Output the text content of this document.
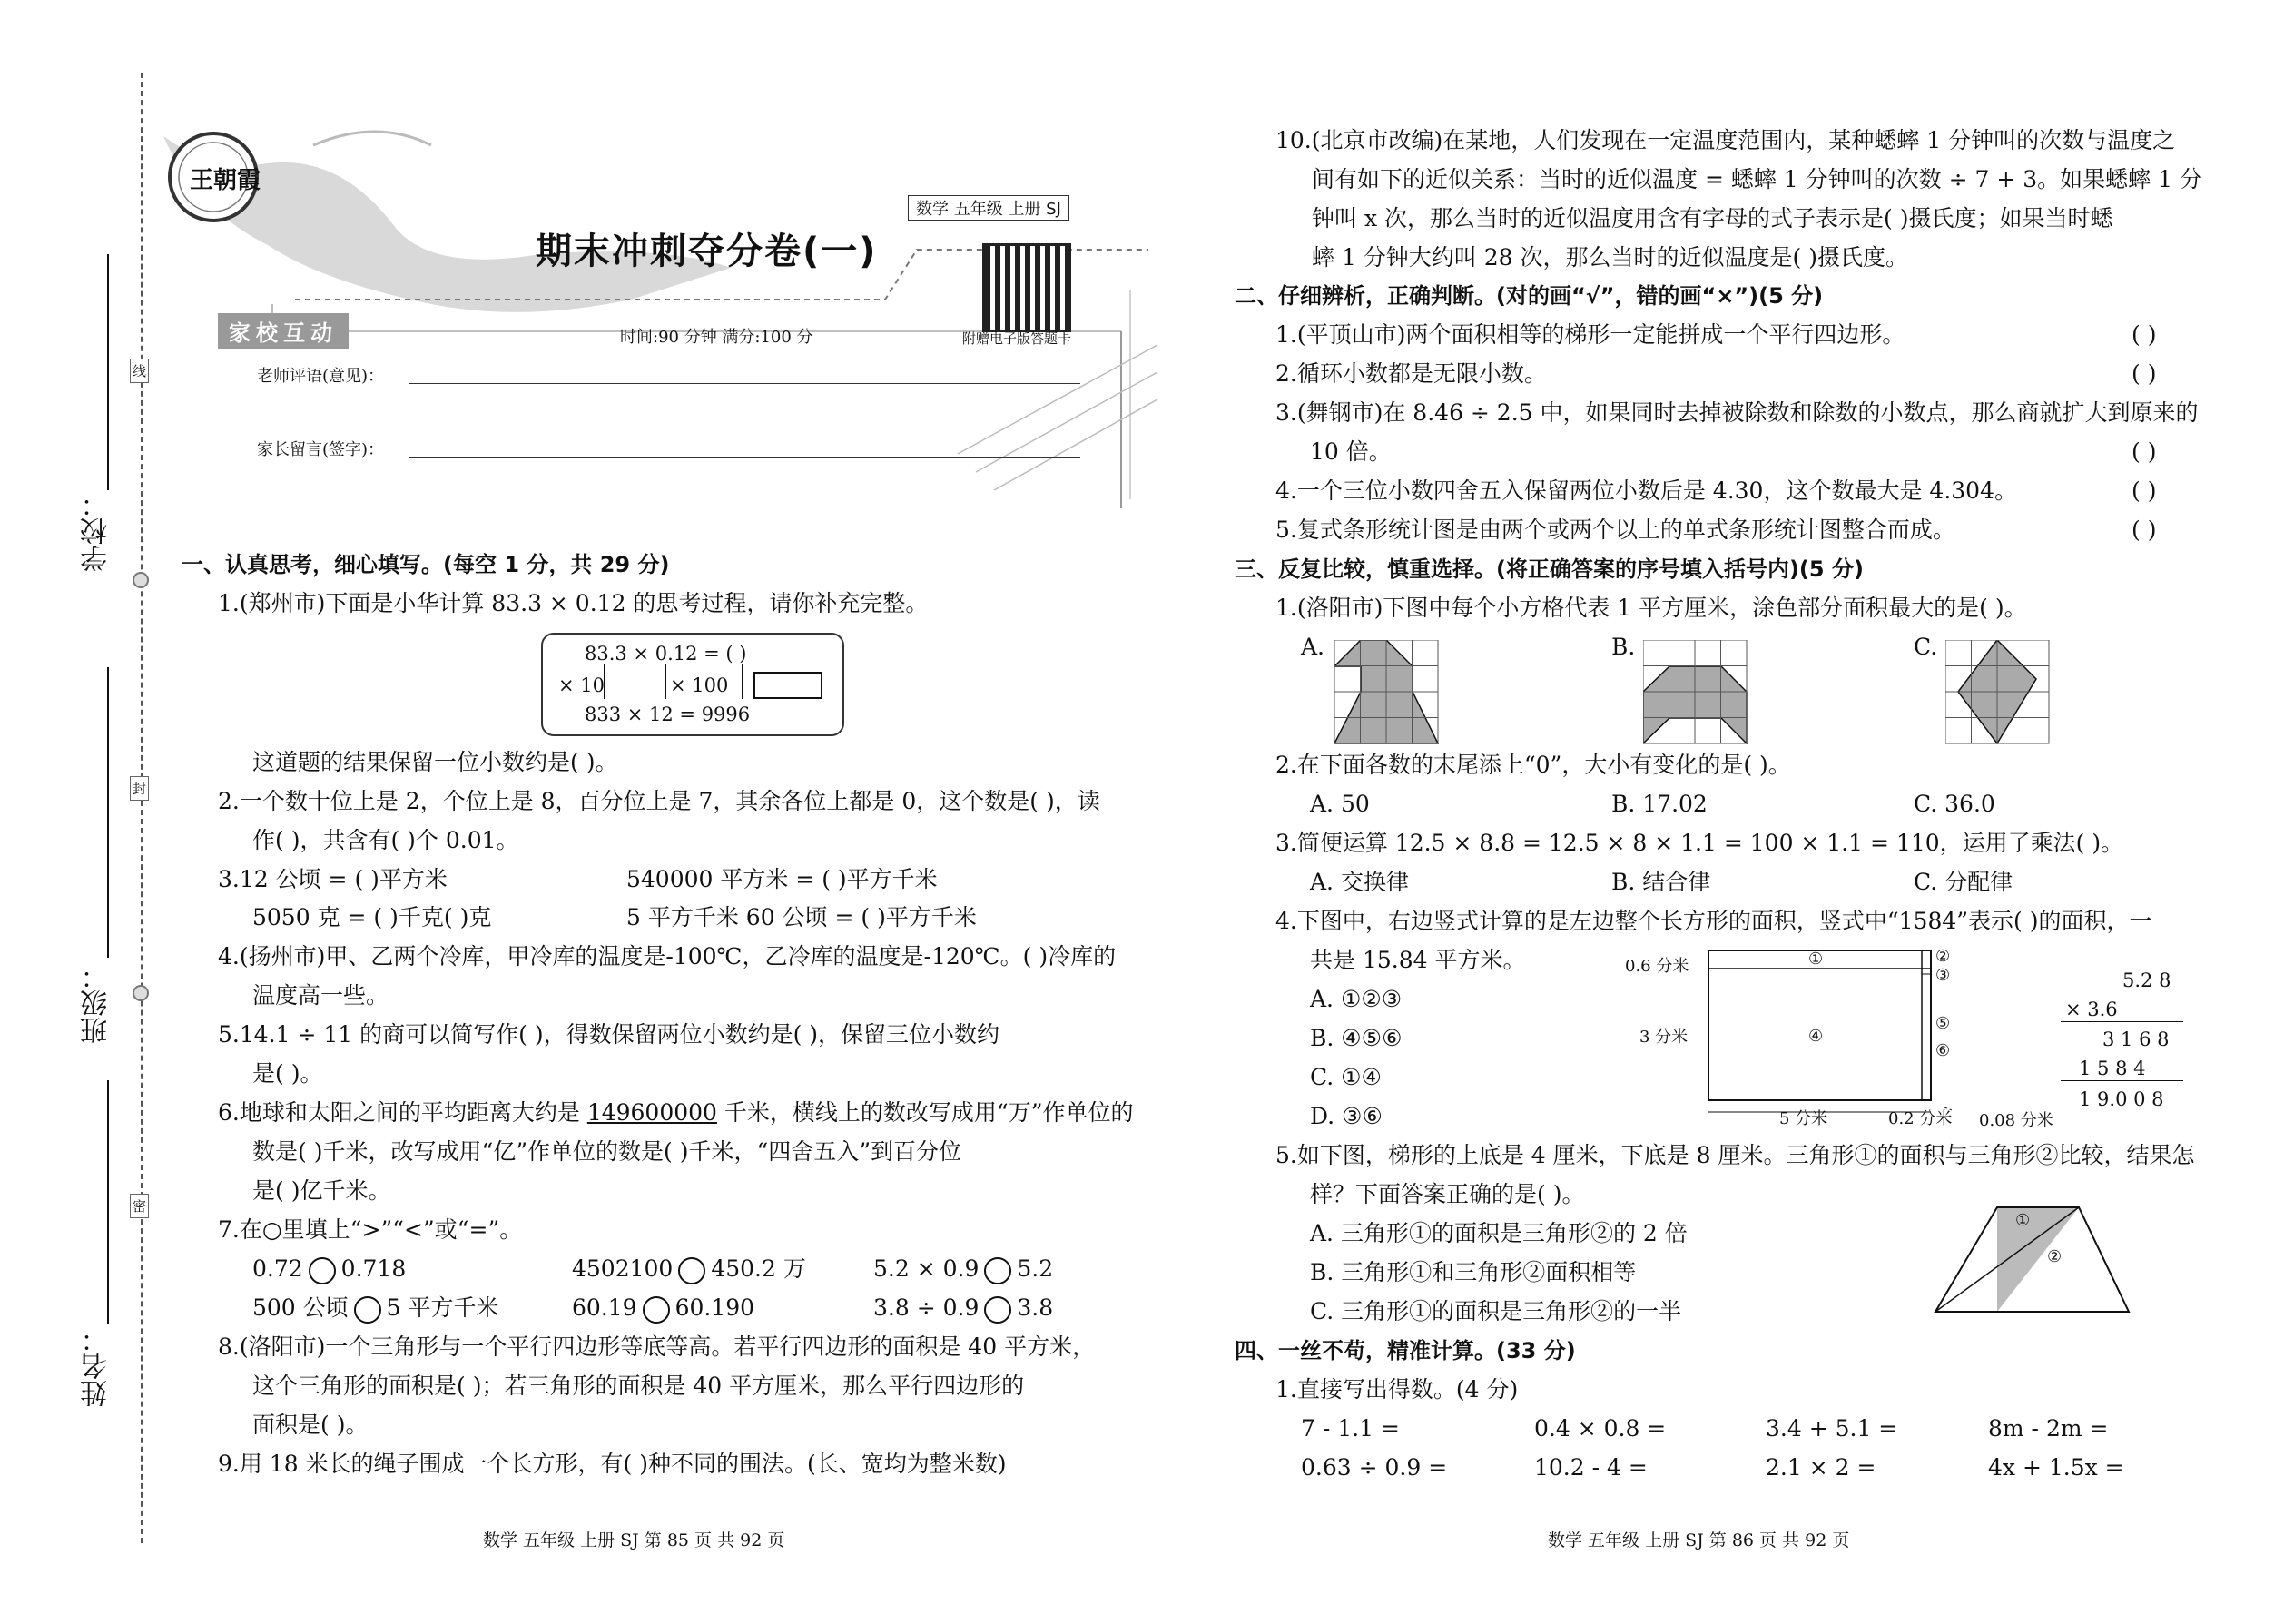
学校：
班级：
姓名：
线
封
密
王朝霞
数学 五年级 上册 SJ
期末冲刺夺分卷(一)
附赠电子版答题卡
家校互动	时间:90 分钟 满分:100 分
老师评语(意见)：
家长留言(签字)：
一、认真思考，细心填写。(每空 1 分，共 29 分)
1.(郑州市)下面是小华计算 83.3 × 0.12 的思考过程，请你补充完整。
83.3 × 0.12 = ( )
× 10	× 100
833 × 12 = 9996
这道题的结果保留一位小数约是( )。
2.一个数十位上是 2，个位上是 8，百分位上是 7，其余各位上都是 0，这个数是( )，读
作( )，共含有( )个 0.01。
3.12 公顷 = ( )平方米	540000 平方米 = ( )平方千米
5050 克 = ( )千克( )克	5 平方千米 60 公顷 = ( )平方千米
4.(扬州市)甲、乙两个冷库，甲冷库的温度是-100℃，乙冷库的温度是-120℃。( )冷库的
温度高一些。
5.14.1 ÷ 11 的商可以简写作( )，得数保留两位小数约是( )，保留三位小数约
是( )。
6.地球和太阳之间的平均距离大约是 149600000 千米，横线上的数改写成用“万”作单位的
数是( )千米，改写成用“亿”作单位的数是( )千米，“四舍五入”到百分位
是( )亿千米。
7.在○里填上“>”“<”或“=”。
0.72 0.718	4502100 450.2 万	5.2 × 0.9 5.2
500 公顷 5 平方千米	60.19 60.190	3.8 ÷ 0.9 3.8
8.(洛阳市)一个三角形与一个平行四边形等底等高。若平行四边形的面积是 40 平方米，
这个三角形的面积是( )；若三角形的面积是 40 平方厘米，那么平行四边形的
面积是( )。
9.用 18 米长的绳子围成一个长方形，有( )种不同的围法。(长、宽均为整米数)
数学 五年级 上册 SJ 第 85 页 共 92 页
10.(北京市改编)在某地，人们发现在一定温度范围内，某种蟋蟀 1 分钟叫的次数与温度之
间有如下的近似关系：当时的近似温度 = 蟋蟀 1 分钟叫的次数 ÷ 7 + 3。如果蟋蟀 1 分
钟叫 x 次，那么当时的近似温度用含有字母的式子表示是( )摄氏度；如果当时蟋
蟀 1 分钟大约叫 28 次，那么当时的近似温度是( )摄氏度。
二、仔细辨析，正确判断。(对的画“√”，错的画“×”)(5 分)
1.(平顶山市)两个面积相等的梯形一定能拼成一个平行四边形。	( )
2.循环小数都是无限小数。	( )
3.(舞钢市)在 8.46 ÷ 2.5 中，如果同时去掉被除数和除数的小数点，那么商就扩大到原来的
10 倍。	( )
4.一个三位小数四舍五入保留两位小数后是 4.30，这个数最大是 4.304。	( )
5.复式条形统计图是由两个或两个以上的单式条形统计图整合而成。	( )
三、反复比较，慎重选择。(将正确答案的序号填入括号内)(5 分)
1.(洛阳市)下图中每个小方格代表 1 平方厘米，涂色部分面积最大的是( )。
A.	B.	C.
2.在下面各数的末尾添上“0”，大小有变化的是( )。
A. 50	B. 17.02	C. 36.0
3.简便运算 12.5 × 8.8 = 12.5 × 8 × 1.1 = 100 × 1.1 = 110，运用了乘法( )。
A. 交换律	B. 结合律	C. 分配律
4.下图中，右边竖式计算的是左边整个长方形的面积，竖式中“1584”表示( )的面积，一
共是 15.84 平方米。
A. ①②③
B. ④⑤⑥
C. ①④
D. ③⑥
0.6 分米
3 分米
5 分米	0.2 分米 0.08 分米
①	②
③
④
⑤
⑥
5.2 8
× 3.6
3 1 6 8
1 5 8 4
1 9.0 0 8
5.如下图，梯形的上底是 4 厘米，下底是 8 厘米。三角形①的面积与三角形②比较，结果怎
样？下面答案正确的是( )。
A. 三角形①的面积是三角形②的 2 倍
B. 三角形①和三角形②面积相等
C. 三角形①的面积是三角形②的一半
①
②
四、一丝不苟，精准计算。(33 分)
1.直接写出得数。(4 分)
7 - 1.1 =	0.4 × 0.8 =	3.4 + 5.1 =	8m - 2m =
0.63 ÷ 0.9 =	10.2 - 4 =	2.1 × 2 =	4x + 1.5x =
数学 五年级 上册 SJ 第 86 页 共 92 页
